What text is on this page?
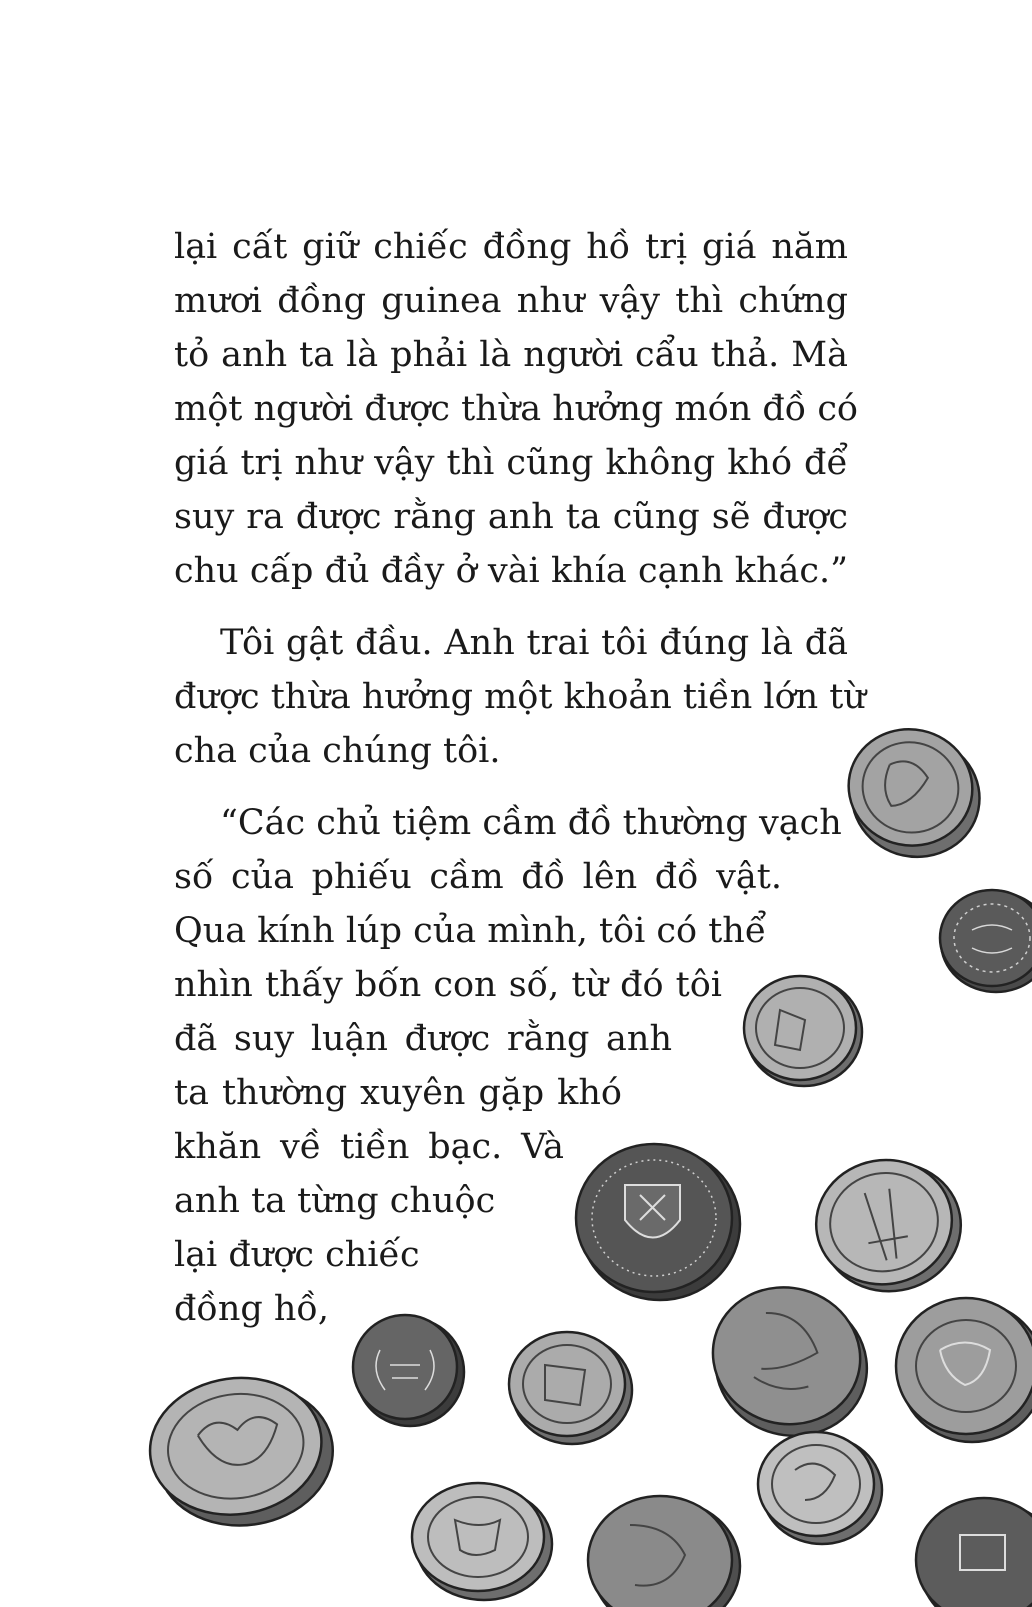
lại cất giữ chiếc đồng hồ trị giá năm
mươi đồng guinea như vậy thì chứng
tỏ anh ta là phải là người cẩu thả. Mà
một người được thừa hưởng món đồ có
giá trị như vậy thì cũng không khó để
suy ra được rằng anh ta cũng sẽ được
chu cấp đủ đầy ở vài khía cạnh khác.”
Tôi gật đầu. Anh trai tôi đúng là đã
được thừa hưởng một khoản tiền lớn từ
cha của chúng tôi.
“Các chủ tiệm cầm đồ thường vạch
số của phiếu cầm đồ lên đồ vật.
Qua kính lúp của mình, tôi có thể
nhìn thấy bốn con số, từ đó tôi
đã suy luận được rằng anh
ta thường xuyên gặp khó
khăn về tiền bạc. Và
anh ta từng chuộc
lại được chiếc
đồng hồ,
